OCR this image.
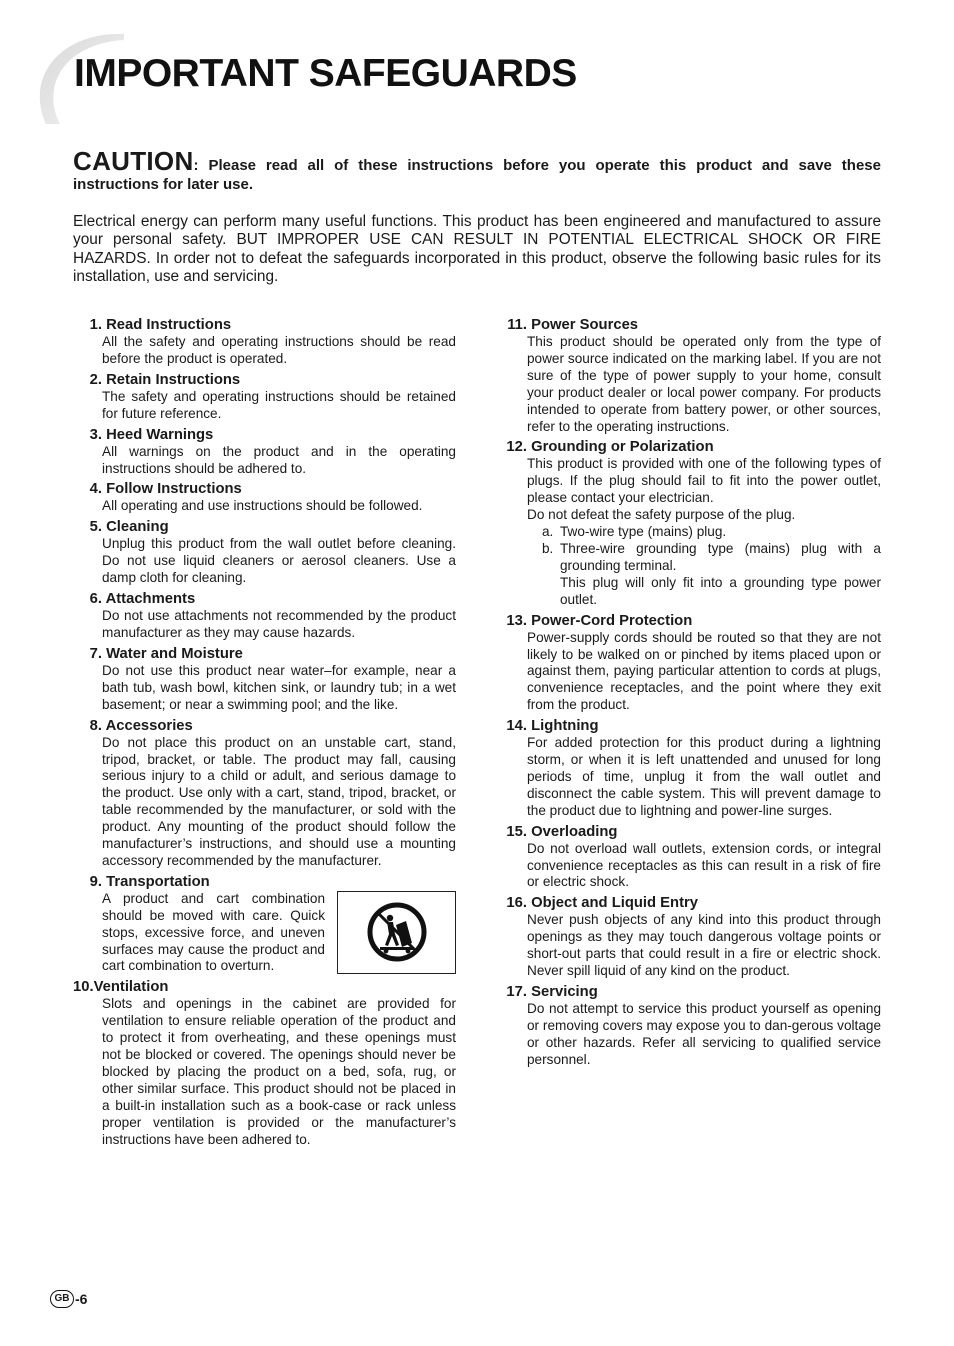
IMPORTANT SAFEGUARDS
CAUTION: Please read all of these instructions before you operate this product and save these instructions for later use.

Electrical energy can perform many useful functions. This product has been engineered and manufactured to assure your personal safety. BUT IMPROPER USE CAN RESULT IN POTENTIAL ELECTRICAL SHOCK OR FIRE HAZARDS. In order not to defeat the safeguards incorporated in this product, observe the following basic rules for its installation, use and servicing.

1. Read Instructions
All the safety and operating instructions should be read before the product is operated.
2. Retain Instructions
The safety and operating instructions should be retained for future reference.
3. Heed Warnings
All warnings on the product and in the operating instructions should be adhered to.
4. Follow Instructions
All operating and use instructions should be followed.
5. Cleaning
Unplug this product from the wall outlet before cleaning. Do not use liquid cleaners or aerosol cleaners. Use a damp cloth for cleaning.
6. Attachments
Do not use attachments not recommended by the product manufacturer as they may cause hazards.
7. Water and Moisture
Do not use this product near water–for example, near a bath tub, wash bowl, kitchen sink, or laundry tub; in a wet basement; or near a swimming pool; and the like.
8. Accessories
Do not place this product on an unstable cart, stand, tripod, bracket, or table. The product may fall, causing serious injury to a child or adult, and serious damage to the product. Use only with a cart, stand, tripod, bracket, or table recommended by the manufacturer, or sold with the product. Any mounting of the product should follow the manufacturer’s instructions, and should use a mounting accessory recommended by the manufacturer.
9. Transportation
A product and cart combination should be moved with care. Quick stops, excessive force, and uneven surfaces may cause the product and cart combination to overturn.
10.Ventilation
Slots and openings in the cabinet are provided for ventilation to ensure reliable operation of the product and to protect it from overheating, and these openings must not be blocked or covered. The openings should never be blocked by placing the product on a bed, sofa, rug, or other similar surface. This product should not be placed in a built-in installation such as a book-case or rack unless proper ventilation is provided or the manufacturer’s instructions have been adhered to.
11. Power Sources
This product should be operated only from the type of power source indicated on the marking label. If you are not sure of the type of power supply to your home, consult your product dealer or local power company. For products intended to operate from battery power, or other sources, refer to the operating instructions.
12. Grounding or Polarization

This product is provided with one of the following types of plugs. If the plug should fail to fit into the power outlet, please contact your electrician.

Do not defeat the safety purpose of the plug.

a. Two-wire type (mains) plug.
b. Three-wire grounding type (mains) plug with a grounding terminal.
This plug will only fit into a grounding type power outlet.
13. Power-Cord Protection
Power-supply cords should be routed so that they are not likely to be walked on or pinched by items placed upon or against them, paying particular attention to cords at plugs, convenience receptacles, and the point where they exit from the product.
14. Lightning
For added protection for this product during a lightning storm, or when it is left unattended and unused for long periods of time, unplug it from the wall outlet and disconnect the cable system. This will prevent damage to the product due to lightning and power-line surges.
15. Overloading
Do not overload wall outlets, extension cords, or integral convenience receptacles as this can result in a risk of fire or electric shock.
16. Object and Liquid Entry
Never push objects of any kind into this product through openings as they may touch dangerous voltage points or short-out parts that could result in a fire or electric shock. Never spill liquid of any kind on the product.
17. Servicing
Do not attempt to service this product yourself as opening or removing covers may expose you to dan-gerous voltage or other hazards. Refer all servicing to qualified service personnel.
GB -6
